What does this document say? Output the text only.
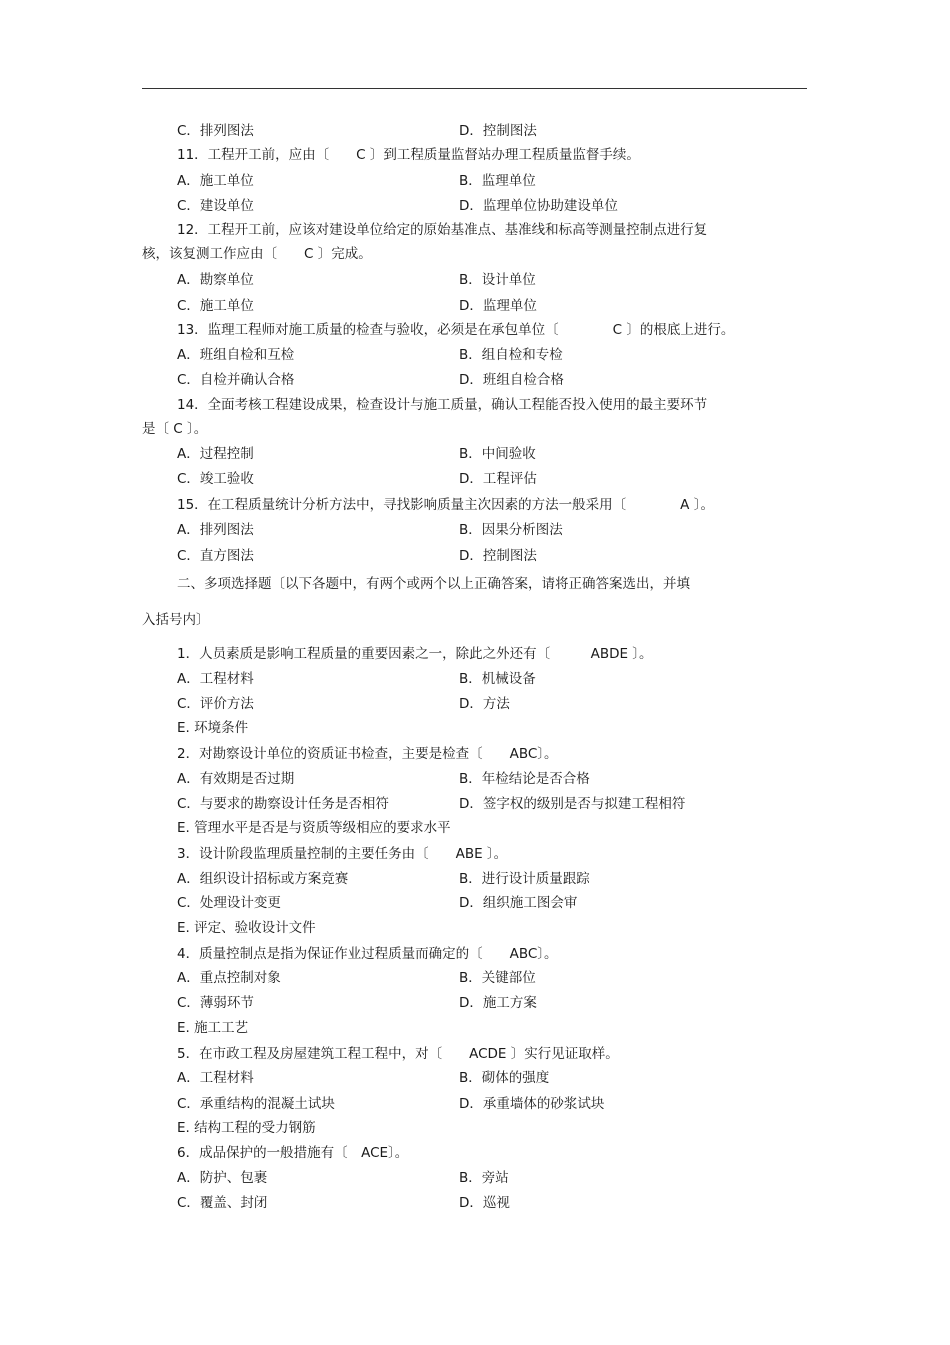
C．排列图法	D．控制图法
11．工程开工前，应由〔　　C 〕到工程质量监督站办理工程质量监督手续。
A．施工单位	B．监理单位
C．建设单位	D．监理单位协助建设单位
12．工程开工前，应该对建设单位给定的原始基准点、基准线和标高等测量控制点进行复
核，该复测工作应由〔　　C 〕完成。
A．勘察单位	B．设计单位
C．施工单位	D．监理单位
13．监理工程师对施工质量的检查与验收，必须是在承包单位〔　　　　C 〕的根底上进行。
A．班组自检和互检	B．组自检和专检
C．自检并确认合格	D．班组自检合格
14．全面考核工程建设成果，检查设计与施工质量，确认工程能否投入使用的最主要环节
是〔 C 〕。
A．过程控制	B．中间验收
C．竣工验收	D．工程评估
15．在工程质量统计分析方法中，寻找影响质量主次因素的方法一般采用〔　　　　A 〕。
A．排列图法	B．因果分析图法
C．直方图法	D．控制图法
二、多项选择题〔以下各题中，有两个或两个以上正确答案，请将正确答案选出，并填
入括号内〕
1．人员素质是影响工程质量的重要因素之一，除此之外还有〔　　　ABDE 〕。
A．工程材料	B．机械设备
C．评价方法	D．方法
E. 环境条件
2．对勘察设计单位的资质证书检查，主要是检查〔　　ABC〕。
A．有效期是否过期	B．年检结论是否合格
C．与要求的勘察设计任务是否相符	D．签字权的级别是否与拟建工程相符
E. 管理水平是否是与资质等级相应的要求水平
3．设计阶段监理质量控制的主要任务由〔　　ABE 〕。
A．组织设计招标或方案竞赛	B．进行设计质量跟踪
C．处理设计变更	D．组织施工图会审
E. 评定、验收设计文件
4．质量控制点是指为保证作业过程质量而确定的〔　　ABC〕。
A．重点控制对象	B．关键部位
C．薄弱环节	D．施工方案
E. 施工工艺
5．在市政工程及房屋建筑工程工程中，对〔　　ACDE 〕实行见证取样。
A．工程材料	B．砌体的强度
C．承重结构的混凝土试块	D．承重墙体的砂浆试块
E. 结构工程的受力钢筋
6．成品保护的一般措施有〔　ACE〕。
A．防护、包裹	B．旁站
C．覆盖、封闭	D．巡视
